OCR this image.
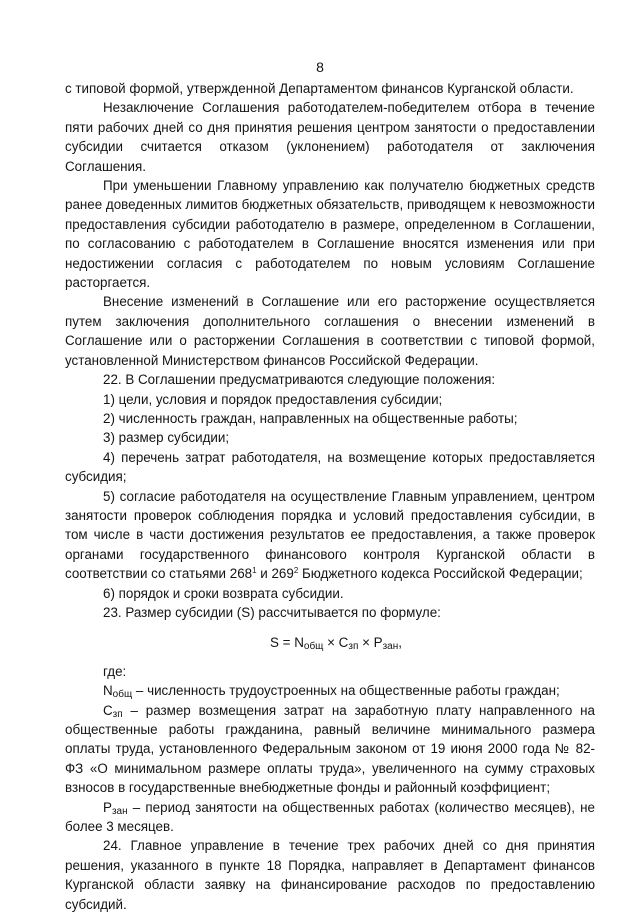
8

с типовой формой, утвержденной Департаментом финансов Курганской области.

Незаключение Соглашения работодателем-победителем отбора в течение пяти рабочих дней со дня принятия решения центром занятости о предоставлении субсидии считается отказом (уклонением) работодателя от заключения Соглашения.

При уменьшении Главному управлению как получателю бюджетных средств ранее доведенных лимитов бюджетных обязательств, приводящем к невозможности предоставления субсидии работодателю в размере, определенном в Соглашении, по согласованию с работодателем в Соглашение вносятся изменения или при недостижении согласия с работодателем по новым условиям Соглашение расторгается.

Внесение изменений в Соглашение или его расторжение осуществляется путем заключения дополнительного соглашения о внесении изменений в Соглашение или о расторжении Соглашения в соответствии с типовой формой, установленной Министерством финансов Российской Федерации.

22. В Соглашении предусматриваются следующие положения:

1) цели, условия и порядок предоставления субсидии;

2) численность граждан, направленных на общественные работы;

3) размер субсидии;

4) перечень затрат работодателя, на возмещение которых предоставляется субсидия;

5) согласие работодателя на осуществление Главным управлением, центром занятости проверок соблюдения порядка и условий предоставления субсидии, в том числе в части достижения результатов ее предоставления, а также проверок органами государственного финансового контроля Курганской области в соответствии со статьями $268^1$ и $269^2$ Бюджетного кодекса Российской Федерации;

6) порядок и сроки возврата субсидии.

23. Размер субсидии (S) рассчитывается по формуле:

$S = N_{общ} \times С_{зп} \times Р_{зан}$,

где:

$N_{общ}$ – численность трудоустроенных на общественные работы граждан;

$С_{зп}$ – размер возмещения затрат на заработную плату направленного на общественные работы гражданина, равный величине минимального размера оплаты труда, установленного Федеральным законом от 19 июня 2000 года № 82-ФЗ «О минимальном размере оплаты труда», увеличенного на сумму страховых взносов в государственные внебюджетные фонды и районный коэффициент;

$Р_{зан}$ – период занятости на общественных работах (количество месяцев), не более 3 месяцев.

24. Главное управление в течение трех рабочих дней со дня принятия решения, указанного в пункте 18 Порядка, направляет в Департамент финансов Курганской области заявку на финансирование расходов по предоставлению субсидий.
